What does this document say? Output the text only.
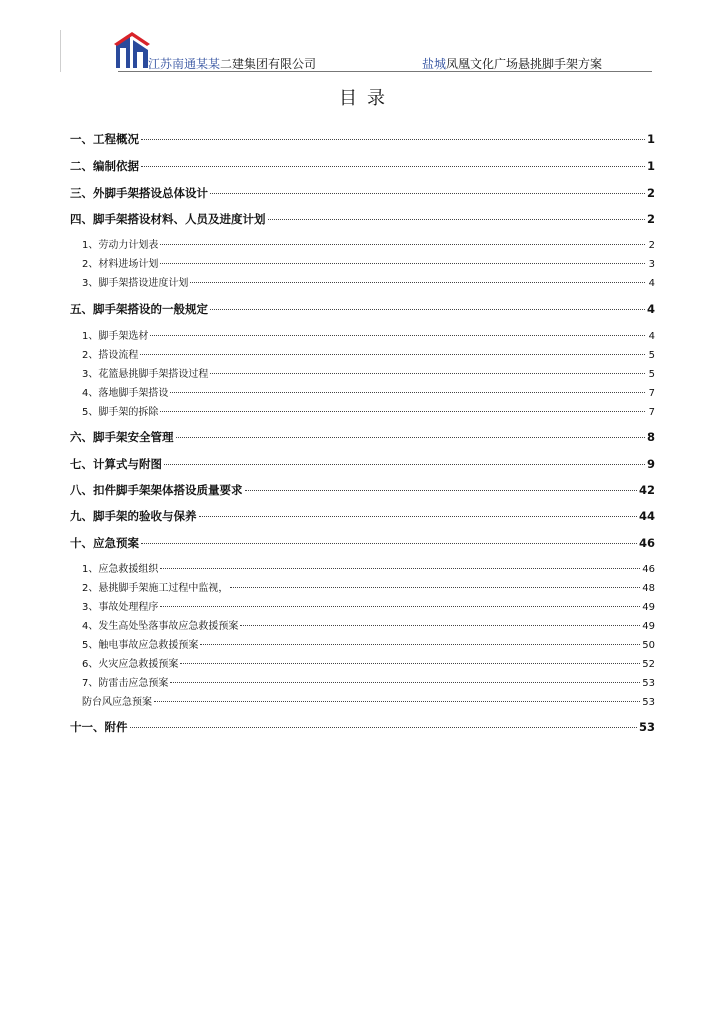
江苏南通某某二建集团有限公司	盐城凤凰文化广场悬挑脚手架方案
目录
一、工程概况	1
二、编制依据	1
三、外脚手架搭设总体设计	2
四、脚手架搭设材料、人员及进度计划	2
1、劳动力计划表	2
2、材料进场计划	3
3、脚手架搭设进度计划	4
五、脚手架搭设的一般规定	4
1、脚手架选材	4
2、搭设流程	5
3、花篮悬挑脚手架搭设过程	5
4、落地脚手架搭设	7
5、脚手架的拆除	7
六、脚手架安全管理	8
七、计算式与附图	9
八、扣件脚手架架体搭设质量要求	42
九、脚手架的验收与保养	44
十、应急预案	46
1、应急救援组织	46
2、悬挑脚手架施工过程中监视，	48
3、事故处理程序	49
4、发生高处坠落事故应急救援预案	49
5、触电事故应急救援预案	50
6、火灾应急救援预案	52
7、防雷击应急预案	53
防台风应急预案	53
十一、附件	53
